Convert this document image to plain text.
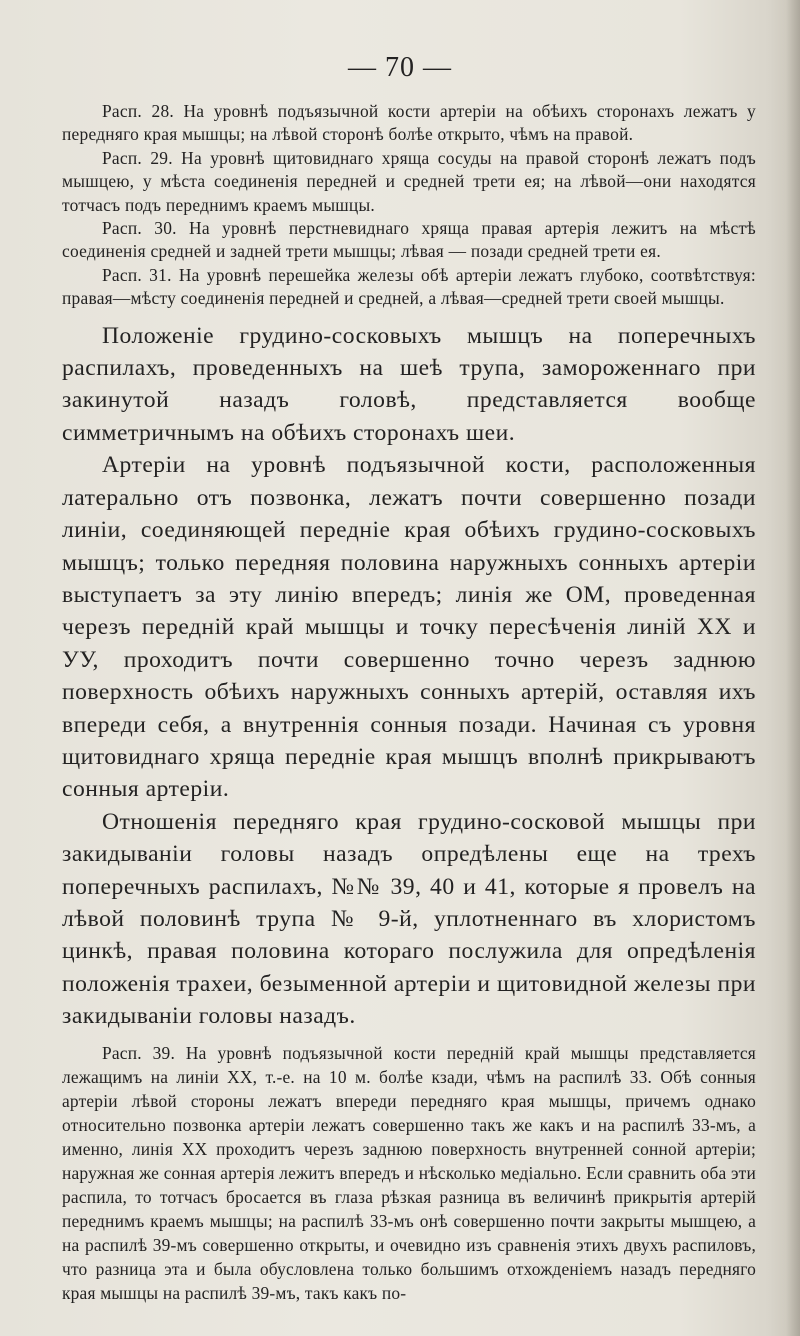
— 70 —

Расп. 28. На уровнѣ подъязычной кости артеріи на обѣихъ сторонахъ лежатъ у передняго края мышцы; на лѣвой сторонѣ болѣе открыто, чѣмъ на правой.

Расп. 29. На уровнѣ щитовиднаго хряща сосуды на правой сторонѣ лежатъ подъ мышцею, у мѣста соединенія передней и средней трети ея; на лѣвой—они находятся тотчасъ подъ переднимъ краемъ мышцы.

Расп. 30. На уровнѣ перстневиднаго хряща правая артерія лежитъ на мѣстѣ соединенія средней и задней трети мышцы; лѣвая — позади средней трети ея.

Расп. 31. На уровнѣ перешейка железы обѣ артеріи лежатъ глубоко, соотвѣтствуя: правая—мѣсту соединенія передней и средней, а лѣвая—средней трети своей мышцы.

Положеніе грудино-сосковыхъ мышцъ на поперечныхъ распилахъ, проведенныхъ на шеѣ трупа, замороженнаго при закинутой назадъ головѣ, представляется вообще симметричнымъ на обѣихъ сторонахъ шеи.

Артеріи на уровнѣ подъязычной кости, расположенныя латерально отъ позвонка, лежатъ почти совершенно позади линіи, соединяющей передніе края обѣихъ грудино-сосковыхъ мышцъ; только передняя половина наружныхъ сонныхъ артеріи выступаетъ за эту линію впередъ; линія же ОМ, проведенная черезъ передній край мышцы и точку пересѣченія линій XX и УУ, проходитъ почти совершенно точно черезъ заднюю поверхность обѣихъ наружныхъ сонныхъ артерій, оставляя ихъ впереди себя, а внутреннія сонныя позади. Начиная съ уровня щитовиднаго хряща передніе края мышцъ вполнѣ прикрываютъ сонныя артеріи.

Отношенія передняго края грудино-сосковой мышцы при закидываніи головы назадъ опредѣлены еще на трехъ поперечныхъ распилахъ, №№ 39, 40 и 41, которые я провелъ на лѣвой половинѣ трупа № 9-й, уплотненнаго въ хлористомъ цинкѣ, правая половина котораго послужила для опредѣленія положенія трахеи, безыменной артеріи и щитовидной железы при закидываніи головы назадъ.

Расп. 39. На уровнѣ подъязычной кости передній край мышцы представляется лежащимъ на линіи XX, т.-е. на 10 м. болѣе кзади, чѣмъ на распилѣ 33. Обѣ сонныя артеріи лѣвой стороны лежатъ впереди передняго края мышцы, причемъ однако относительно позвонка артеріи лежатъ совершенно такъ же какъ и на распилѣ 33-мъ, а именно, линія XX проходитъ черезъ заднюю поверхность внутренней сонной артеріи; наружная же сонная артерія лежитъ впередъ и нѣсколько медіально. Если сравнить оба эти распила, то тотчасъ бросается въ глаза рѣзкая разница въ величинѣ прикрытія артерій переднимъ краемъ мышцы; на распилѣ 33-мъ онѣ совершенно почти закрыты мышцею, а на распилѣ 39-мъ совершенно открыты, и очевидно изъ сравненія этихъ двухъ распиловъ, что разница эта и была обусловлена только большимъ отхожденіемъ назадъ передняго края мышцы на распилѣ 39-мъ, такъ какъ по-
